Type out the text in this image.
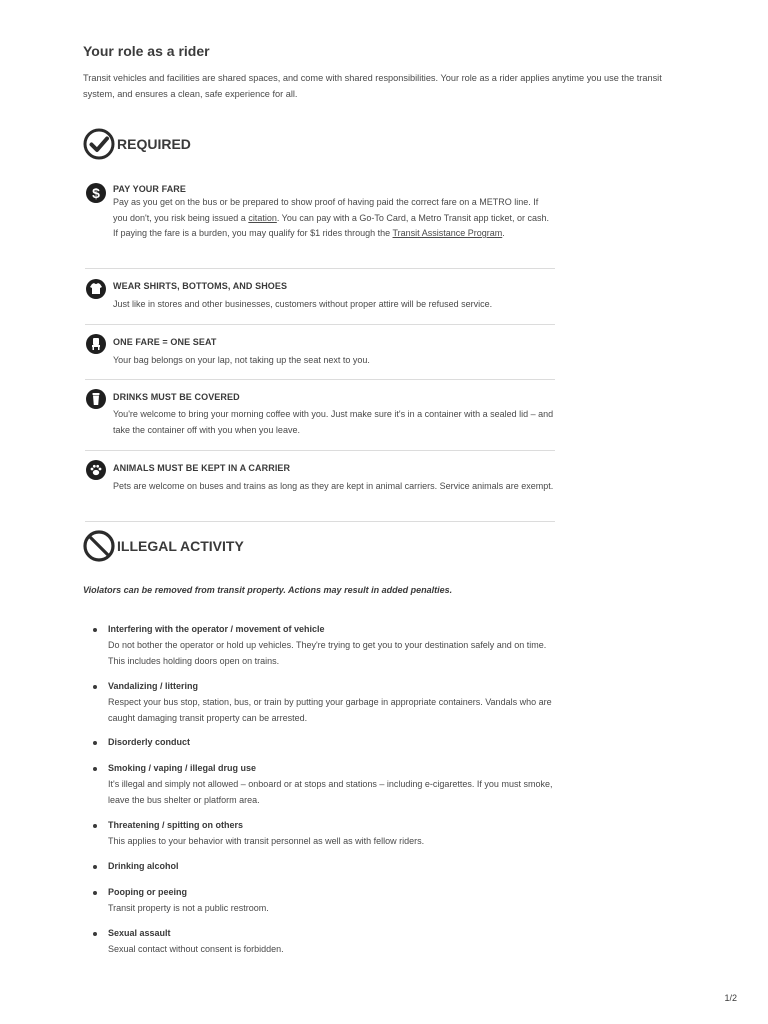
Your role as a rider

Transit vehicles and facilities are shared spaces, and come with shared responsibilities. Your role as a rider applies anytime you use the transit system, and ensures a clean, safe experience for all.

REQUIRED
$ PAY YOUR FARE
Pay as you get on the bus or be prepared to show proof of having paid the correct fare on a METRO line. If you don't, you risk being issued a citation. You can pay with a Go-To Card, a Metro Transit app ticket, or cash. If paying the fare is a burden, you may qualify for $1 rides through the Transit Assistance Program.
WEAR SHIRTS, BOTTOMS, AND SHOES
Just like in stores and other businesses, customers without proper attire will be refused service.
ONE FARE = ONE SEAT
Your bag belongs on your lap, not taking up the seat next to you.
DRINKS MUST BE COVERED
You're welcome to bring your morning coffee with you. Just make sure it's in a container with a sealed lid – and take the container off with you when you leave.
ANIMALS MUST BE KEPT IN A CARRIER
Pets are welcome on buses and trains as long as they are kept in animal carriers. Service animals are exempt.
ILLEGAL ACTIVITY
Violators can be removed from transit property. Actions may result in added penalties.
Interfering with the operator / movement of vehicle
Do not bother the operator or hold up vehicles. They're trying to get you to your destination safely and on time. This includes holding doors open on trains.
Vandalizing / littering
Respect your bus stop, station, bus, or train by putting your garbage in appropriate containers. Vandals who are caught damaging transit property can be arrested.
Disorderly conduct
Smoking / vaping / illegal drug use
It's illegal and simply not allowed – onboard or at stops and stations – including e-cigarettes. If you must smoke, leave the bus shelter or platform area.
Threatening / spitting on others
This applies to your behavior with transit personnel as well as with fellow riders.
Drinking alcohol
Pooping or peeing
Transit property is not a public restroom.
Sexual assault
Sexual contact without consent is forbidden.
1/2
